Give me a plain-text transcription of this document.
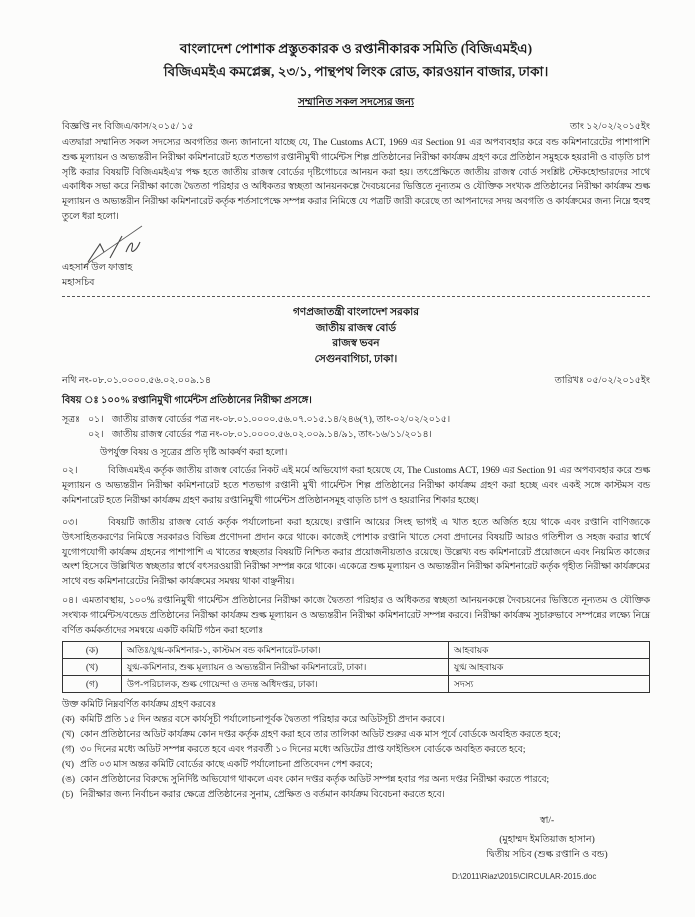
বাংলাদেশ পোশাক প্রস্তুতকারক ও রপ্তানীকারক সমিতি (বিজিএমইএ)
বিজিএমইএ কমপ্লেক্স, ২৩/১, পান্থপথ লিংক রোড, কারওয়ান বাজার, ঢাকা।
সম্মানিত সকল সদস্যের জন্য
বিজ্ঞপ্তি নং বিজিএ/কাস/২০১৫/ ১৫	তাং ১২/০২/২০১৫ইং

এতদ্বারা সম্মানিত সকল সদস্যের অবগতির জন্য জানানো যাচ্ছে যে, The Customs ACT, 1969 এর Section 91 এর অপব্যবহার করে বন্ড কমিশনারেটের পাশাপাশি শুল্ক মূল্যায়ন ও অভ্যন্তরীন নিরীক্ষা কমিশনারেট হতে শতভাগ রপ্তানীমুখী গার্মেন্টস শিল্প প্রতিষ্ঠানের নিরীক্ষা কার্যক্রম গ্রহণ করে প্রতিষ্ঠান সমুহকে হয়রানী ও বাড়তি চাপ সৃষ্টি করার বিষয়টি বিজিএমইএ'র পক্ষ হতে জাতীয় রাজস্ব বোর্ডের দৃষ্টিগোচরে আনয়ন করা হয়। তৎপ্রেক্ষিতে জাতীয় রাজস্ব বোর্ড সংশ্লিষ্ট স্টেকহোল্ডারদের সাথে একাধিক সভা করে নিরীক্ষা কাজে দ্বৈততা পরিহার ও অধিকতর স্বচ্ছতা আনয়নকল্পে দৈবচয়নের ভিত্তিতে নূন্যতম ও যৌক্তিক সংখ্যক প্রতিষ্ঠানের নিরীক্ষা কার্যক্রম শুল্ক মূল্যায়ন ও অভ্যন্তরীন নিরীক্ষা কমিশনারেট কর্তৃক শর্তসাপেক্ষে সম্পন্ন করার নিমিত্তে যে পত্রটি জারী করেছে তা আপনাদের সদয় অবগতি ও কার্যক্রমের জন্য নিম্নে হুবহু তুলে ধরা হলো।

এহসান উল ফাত্তাহ
মহাসচিব
গণপ্রজাতন্ত্রী বাংলাদেশ সরকার
জাতীয় রাজস্ব বোর্ড
রাজস্ব ভবন
সেগুনবাগিচা, ঢাকা।
নথি নং-০৮.০১.০০০০.৫৬.০২.০০৯.১৪	তারিখঃ ০৫/০২/২০১৫ইং
বিষয় ঃ ১০০% রপ্তানিমুখী গার্মেন্টস প্রতিষ্ঠানের নিরীক্ষা প্রসঙ্গে।
সূত্রঃ ০১। জাতীয় রাজস্ব বোর্ডের পত্র নং-০৮.০১.০০০০.৫৬.০৭.০১৫.১৪/২৪৬(৭), তাং-০২/০২/২০১৫।
০২। জাতীয় রাজস্ব বোর্ডের পত্র নং-০৮.০১.০০০০.৫৬.০২.০০৯.১৪/৯১, তাং-১৬/১১/২০১৪।

উপর্যুক্ত বিষয় ও সূত্রের প্রতি দৃষ্টি আকর্ষণ করা হলো।

০২।	বিজিএমইএ কর্তৃক জাতীয় রাজস্ব বোর্ডের নিকট এই মর্মে অভিযোগ করা হয়েছে যে, The Customs ACT, 1969 এর Section 91 এর অপব্যবহার করে শুল্ক মূল্যায়ন ও অভ্যন্তরীন নিরীক্ষা কমিশনারেট হতে শতভাগ রপ্তানী মুখী গার্মেন্টস শিল্প প্রতিষ্ঠানের নিরীক্ষা কার্যক্রম গ্রহণ করা হচ্ছে এবং একই সঙ্গে কাস্টমস বন্ড কমিশনারেট হতে নিরীক্ষা কার্যক্রম গ্রহণ করায় রপ্তানিমুখী গার্মেন্টস প্রতিষ্ঠানসমূহ বাড়তি চাপ ও হয়রানির শিকার হচ্ছে।

০৩।	বিষয়টি জাতীয় রাজস্ব বোর্ড কর্তৃক পর্যালোচনা করা হয়েছে। রপ্তানি আয়ের সিংহ ভাগই এ খাত হতে অর্জিত হয়ে থাকে এবং রপ্তানি বাণিজ্যকে উৎসাহিতকরণের নিমিত্তে সরকারও বিভিন্ন প্রণোদনা প্রদান করে থাকে। কাজেই পোশাক রপ্তানি খাতে সেবা প্রদানের বিষয়টি আরও গতিশীল ও সহজ করার স্বার্থে যুগোপযোগী কার্যক্রম গ্রহনের পাশাপাশি এ খাতের স্বচ্ছতার বিষয়টি নিশ্চিত করার প্রয়োজনীয়তাও রয়েছে। উল্লেখ্য বন্ড কমিশনারেট প্রয়োজনে এবং নিয়মিত কাজের অংশ হিসেবে উল্লিখিত স্বচ্ছতার স্বার্থে বৎসরওয়ারী নিরীক্ষা সম্পন্ন করে থাকে। একেত্রে শুল্ক মূল্যায়ন ও অভ্যন্তরীন নিরীক্ষা কমিশনারেট কর্তৃক গৃহীত নিরীক্ষা কার্যক্রমের সাথে বন্ড কমিশনারেটের নিরীক্ষা কার্যক্রমের সমন্বয় থাকা বাঞ্ছনীয়।

০৪। এমতাবস্থায়, ১০০% রপ্তানিমুখী গার্মেন্টস প্রতিষ্ঠানের নিরীক্ষা কাজে দ্বৈততা পরিহার ও অধিকতর স্বচ্ছতা আনয়নকল্পে দৈবচয়নের ভিত্তিতে নূন্যতম ও যৌক্তিক সংখ্যক গার্মেন্টস/বন্ডেড প্রতিষ্ঠানের নিরীক্ষা কার্যক্রম শুল্ক মূল্যায়ন ও অভ্যন্তরীন নিরীক্ষা কমিশনারেট সম্পন্ন করবে। নিরীক্ষা কার্যক্রম সুচারুভাবে সম্পন্নের লক্ষ্যে নিম্নে বর্ণিত কর্মকর্তাদের সমন্বয়ে একটি কমিটি গঠন করা হলোঃ

(ক)	অতিঃ/যুগ্ম-কমিশনার-১, কাস্টমস বন্ড কমিশনারেট-ঢাকা।	আহবায়ক
(খ)	যুগ্ম-কমিশনার, শুল্ক মূল্যায়ন ও অভ্যন্তরীন নিরীক্ষা কমিশনারেট, ঢাকা।	যুগ্ম আহবায়ক
(গ)	উপ-পরিচালক, শুল্ক গোয়েন্দা ও তদন্ত অধিদপ্তর, ঢাকা।	সদস্য
উক্ত কমিটি নিম্নবর্ণিত কার্যক্রম গ্রহণ করবেঃ
(ক) কমিটি প্রতি ১৫ দিন অন্তর বসে কার্যসূচী পর্যালোচনাপূর্বক দ্বৈততা পরিহার করে অডিটসূচী প্রদান করবে।
(খ) কোন প্রতিষ্ঠানের অডিট কার্যক্রম কোন দপ্তর কর্তৃক গ্রহণ করা হবে তার তালিকা অডিট শুরুর এক মাস পূর্বে বোর্ডকে অবহিত করতে হবে;
(গ) ৩০ দিনের মধ্যে অডিট সম্পন্ন করতে হবে এবং পরবর্তী ১০ দিনের মধ্যে অডিটের প্রাপ্ত ফাইন্ডিংস বোর্ডকে অবহিত করতে হবে;
(ঘ) প্রতি ০৩ মাস অন্তর কমিটি বোর্ডের কাছে একটি পর্যালোচনা প্রতিবেদন পেশ করবে;
(ঙ) কোন প্রতিষ্ঠানের বিরুদ্ধে সুনির্দিষ্ট অভিযোগ থাকলে এবং কোন দপ্তর কর্তৃক অডিট সম্পন্ন হবার পর অন্য দপ্তর নিরীক্ষা করতে পারবে;
(চ) নিরীক্ষার জন্য নির্বাচন করার ক্ষেত্রে প্রতিষ্ঠানের সুনাম, প্রেক্ষিত ও বর্তমান কার্যক্রম বিবেচনা করতে হবে।
স্বা/-
(মুহাম্মদ ইমতিয়াজ হাসান)
দ্বিতীয় সচিব (শুল্ক রপ্তানি ও বন্ড)
D:\2011\Riaz\2015\CIRCULAR-2015.doc
